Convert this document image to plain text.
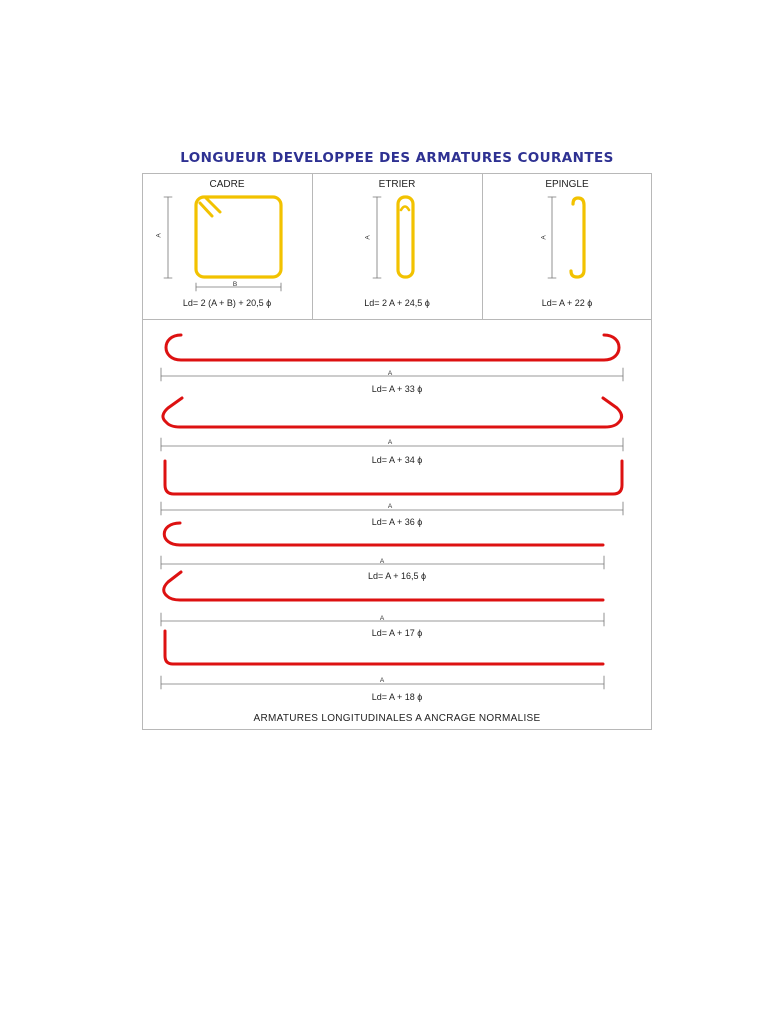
LONGUEUR DEVELOPPEE DES ARMATURES COURANTES
CADRE	ETRIER	EPINGLE
A
B
A	A
Ld= 2 (A + B) + 20,5 ϕ	Ld= 2 A + 24,5 ϕ	Ld= A + 22 ϕ
A
A
A
A
A
A
Ld= A + 33 ϕ
Ld= A + 34 ϕ
Ld= A + 36 ϕ
Ld= A + 16,5 ϕ
Ld= A + 17 ϕ
Ld= A + 18 ϕ
ARMATURES LONGITUDINALES A ANCRAGE NORMALISE
